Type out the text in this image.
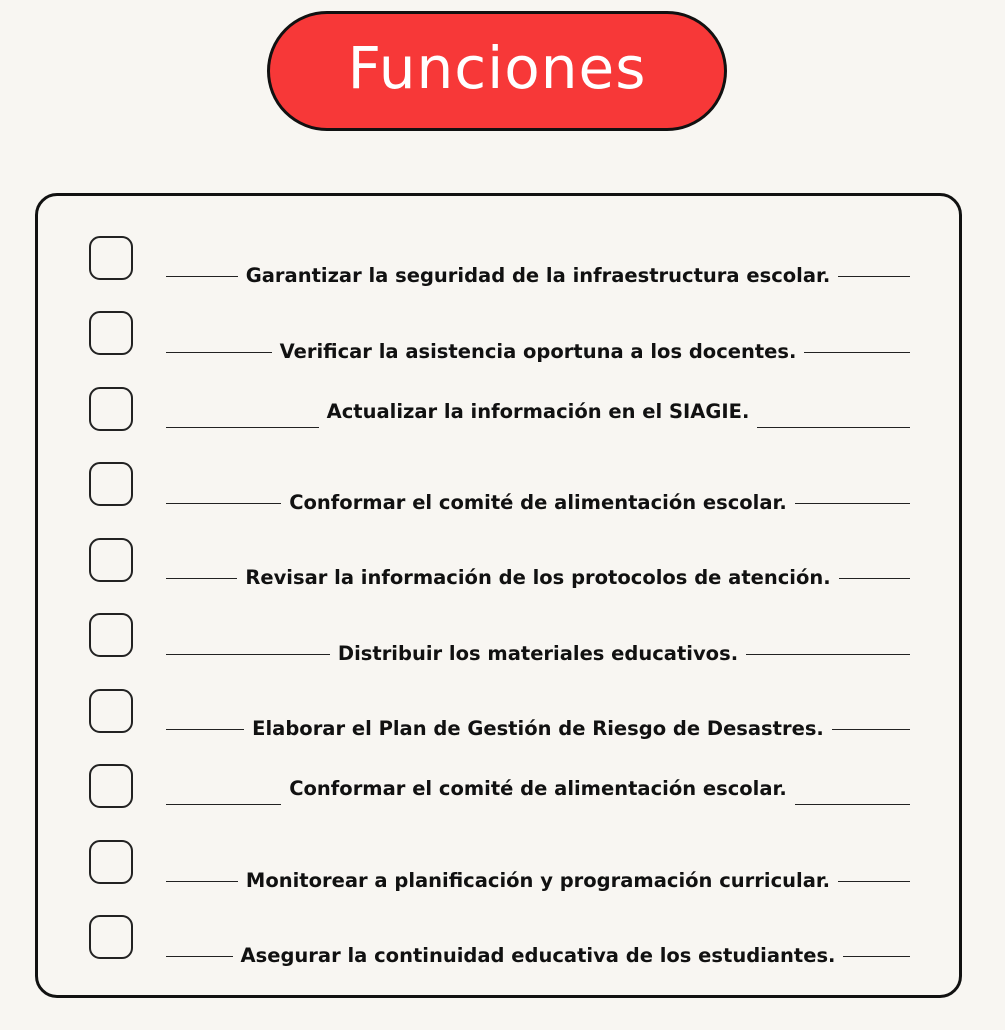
Funciones
Garantizar la seguridad de la infraestructura escolar.
Verificar la asistencia oportuna a los docentes.
Actualizar la información en el SIAGIE.
Conformar el comité de alimentación escolar.
Revisar la información de los protocolos de atención.
Distribuir los materiales educativos.
Elaborar el Plan de Gestión de Riesgo de Desastres.
Conformar el comité de alimentación escolar.
Monitorear a planificación y programación curricular.
Asegurar la continuidad educativa de los estudiantes.
